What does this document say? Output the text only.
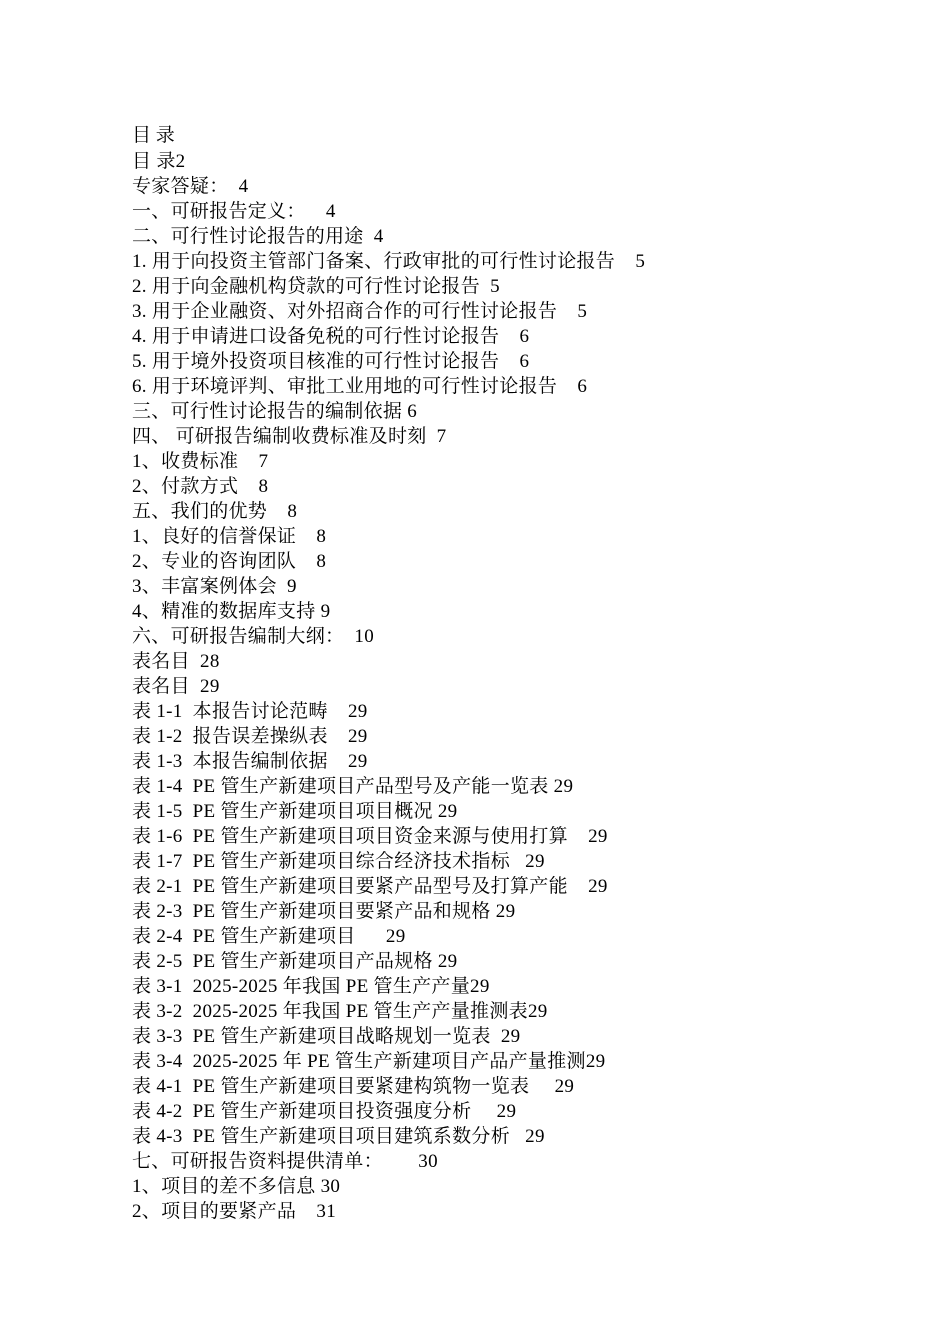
目 录
目 录2
专家答疑： 4
一、可研报告定义： 4
二、可行性讨论报告的用途 4
1. 用于向投资主管部门备案、行政审批的可行性讨论报告 5
2. 用于向金融机构贷款的可行性讨论报告 5
3. 用于企业融资、对外招商合作的可行性讨论报告 5
4. 用于申请进口设备免税的可行性讨论报告 6
5. 用于境外投资项目核准的可行性讨论报告 6
6. 用于环境评判、审批工业用地的可行性讨论报告 6
三、可行性讨论报告的编制依据 6
四、 可研报告编制收费标准及时刻 7
1、收费标准 7
2、付款方式 8
五、我们的优势 8
1、良好的信誉保证 8
2、专业的咨询团队 8
3、丰富案例体会 9
4、精准的数据库支持 9
六、可研报告编制大纲： 10
表名目 28
表名目 29
表 1-1  本报告讨论范畴 29
表 1-2  报告误差操纵表 29
表 1-3  本报告编制依据 29
表 1-4  PE 管生产新建项目产品型号及产能一览表 29
表 1-5  PE 管生产新建项目项目概况 29
表 1-6  PE 管生产新建项目项目资金来源与使用打算 29
表 1-7  PE 管生产新建项目综合经济技术指标 29
表 2-1  PE 管生产新建项目要紧产品型号及打算产能 29
表 2-3  PE 管生产新建项目要紧产品和规格 29
表 2-4  PE 管生产新建项目 29
表 2-5  PE 管生产新建项目产品规格 29
表 3-1  2025-2025 年我国 PE 管生产产量29
表 3-2  2025-2025 年我国 PE 管生产产量推测表29
表 3-3  PE 管生产新建项目战略规划一览表 29
表 3-4  2025-2025 年 PE 管生产新建项目产品产量推测29
表 4-1  PE 管生产新建项目要紧建构筑物一览表 29
表 4-2  PE 管生产新建项目投资强度分析 29
表 4-3  PE 管生产新建项目项目建筑系数分析 29
七、可研报告资料提供清单： 30
1、项目的差不多信息 30
2、项目的要紧产品 31
